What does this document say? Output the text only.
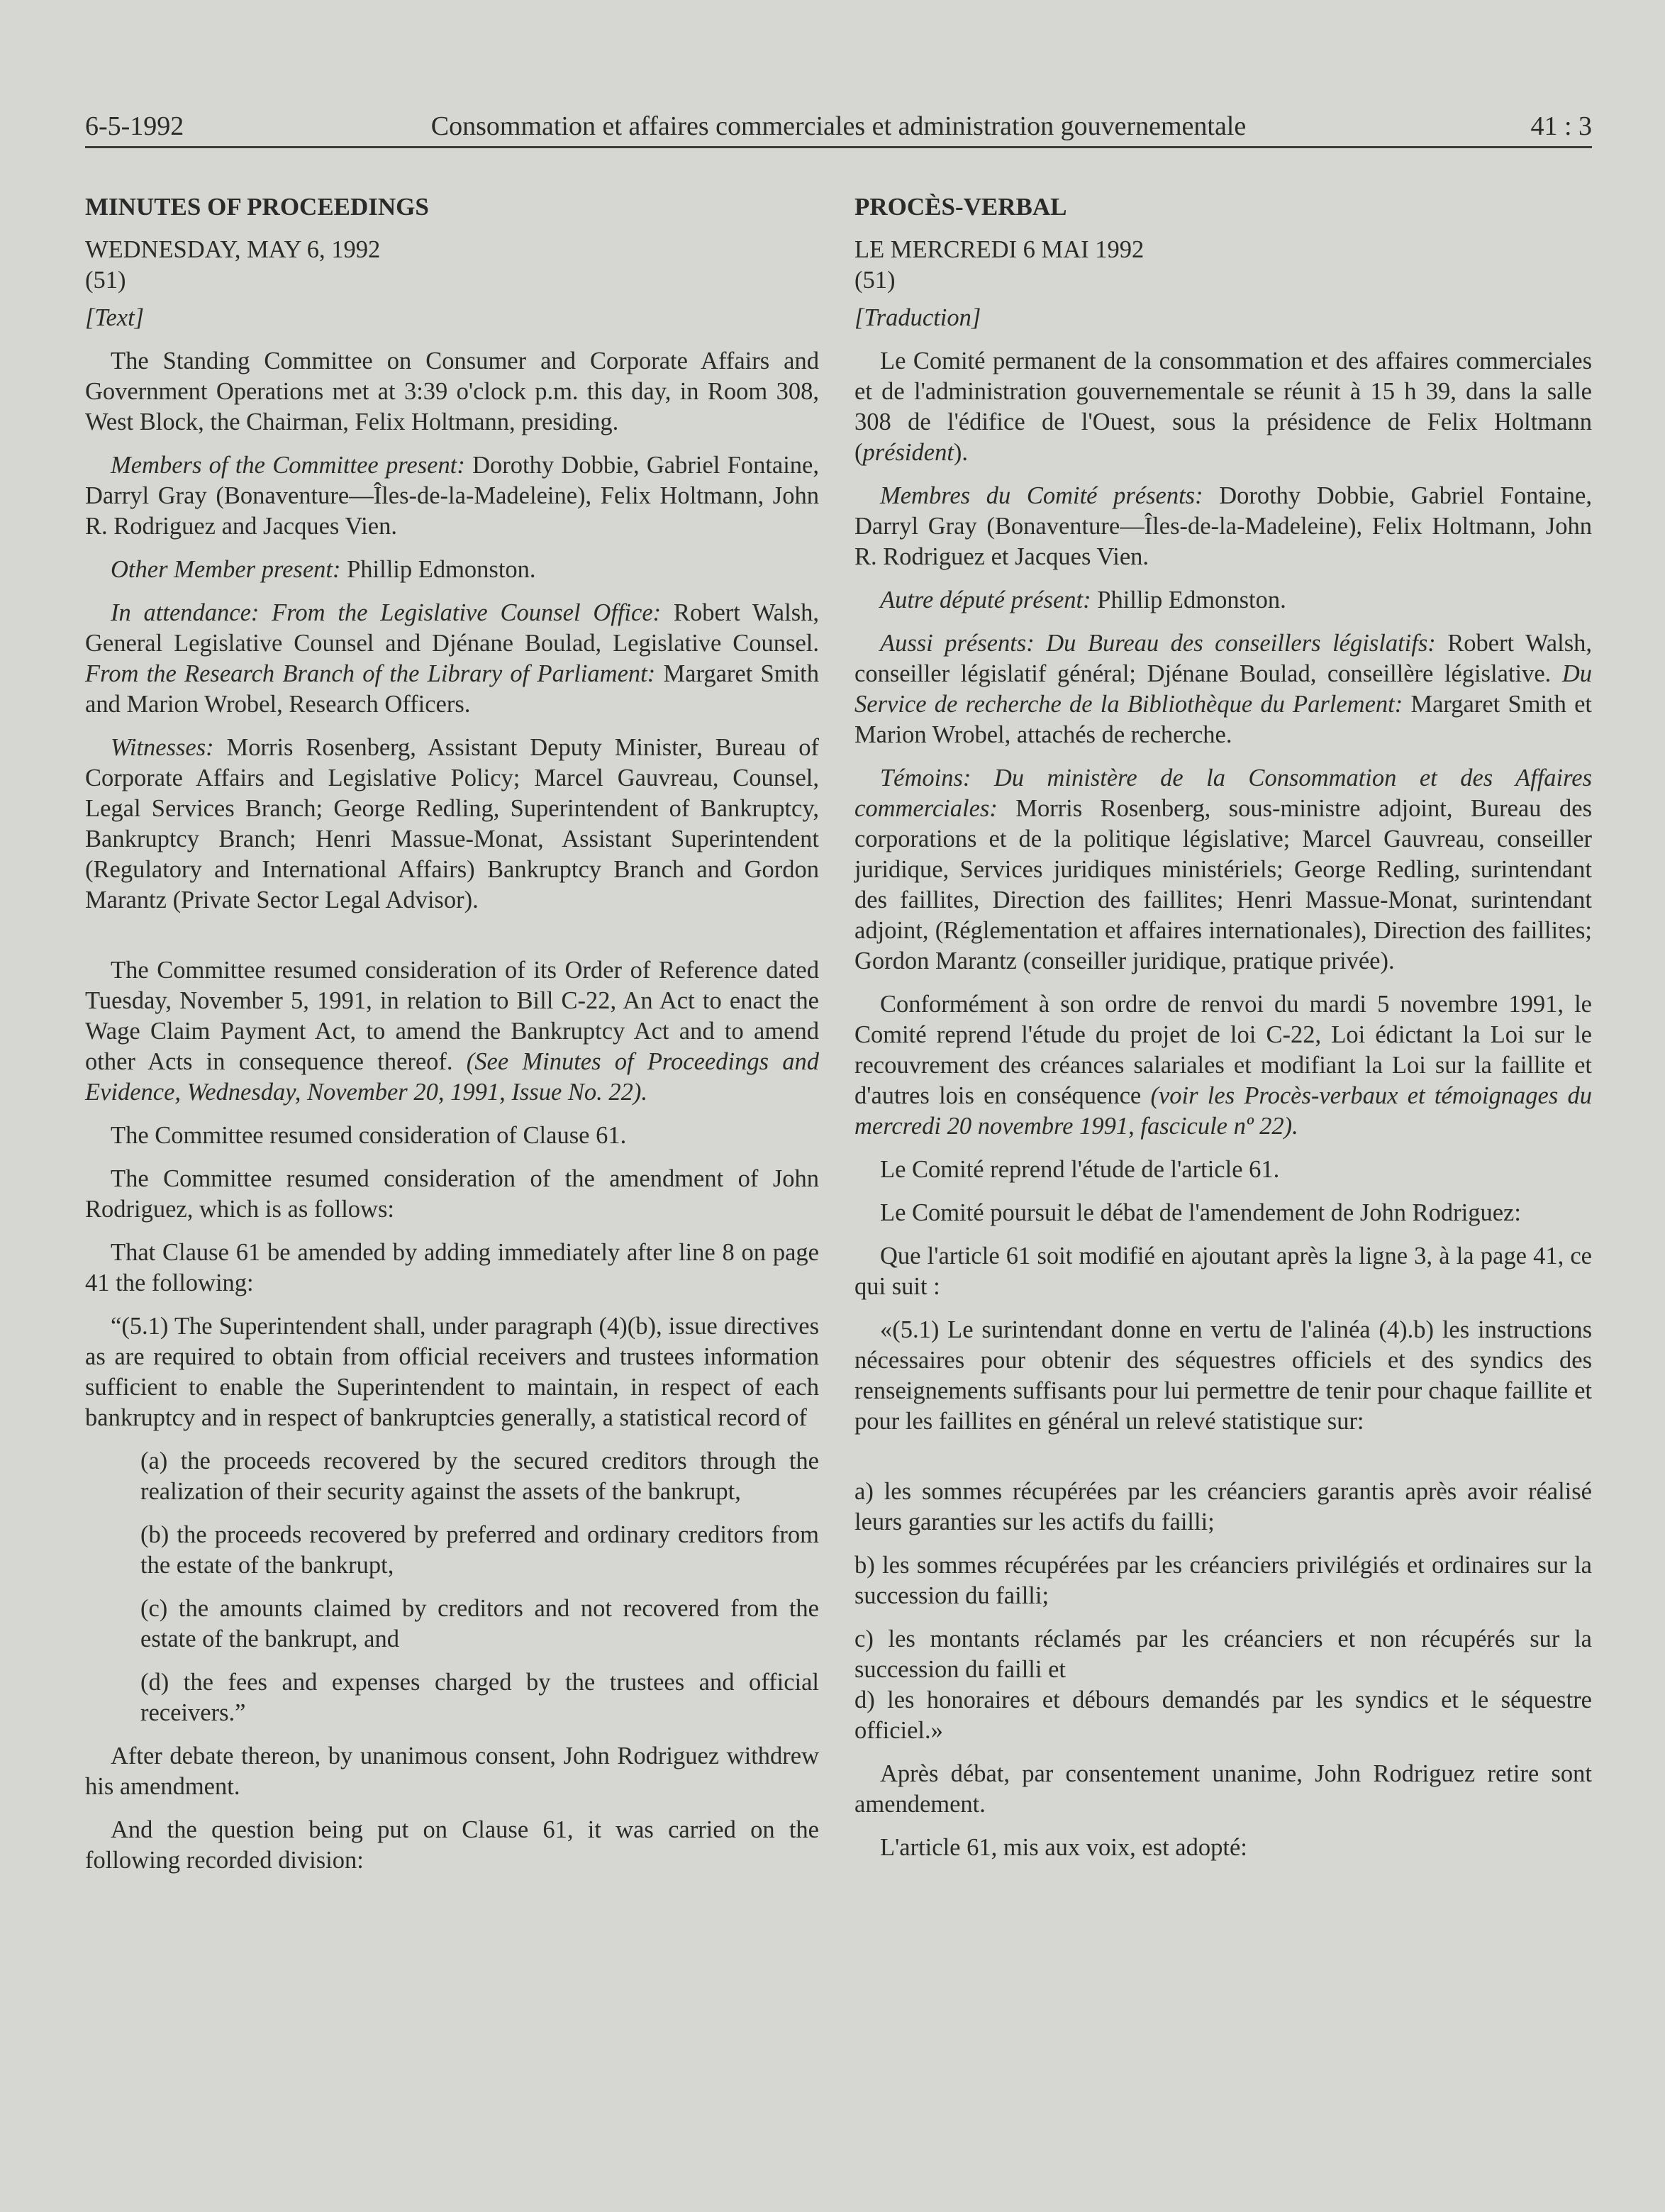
6-5-1992	Consommation et affaires commerciales et administration gouvernementale	41 : 3

MINUTES OF PROCEEDINGS

WEDNESDAY, MAY 6, 1992

(51)

[Text]

The Standing Committee on Consumer and Corporate Affairs and Government Operations met at 3:39 o'clock p.m. this day, in Room 308, West Block, the Chairman, Felix Holtmann, presiding.

Members of the Committee present: Dorothy Dobbie, Gabriel Fontaine, Darryl Gray (Bonaventure—Îles-de-la-Madeleine), Felix Holtmann, John R. Rodriguez and Jacques Vien.

Other Member present: Phillip Edmonston.

In attendance: From the Legislative Counsel Office: Robert Walsh, General Legislative Counsel and Djénane Boulad, Legislative Counsel. From the Research Branch of the Library of Parliament: Margaret Smith and Marion Wrobel, Research Officers.

Witnesses: Morris Rosenberg, Assistant Deputy Minister, Bureau of Corporate Affairs and Legislative Policy; Marcel Gauvreau, Counsel, Legal Services Branch; George Redling, Superintendent of Bankruptcy, Bankruptcy Branch; Henri Massue-Monat, Assistant Superintendent (Regulatory and International Affairs) Bankruptcy Branch and Gordon Marantz (Private Sector Legal Advisor).

The Committee resumed consideration of its Order of Reference dated Tuesday, November 5, 1991, in relation to Bill C-22, An Act to enact the Wage Claim Payment Act, to amend the Bankruptcy Act and to amend other Acts in consequence thereof. (See Minutes of Proceedings and Evidence, Wednesday, November 20, 1991, Issue No. 22).

The Committee resumed consideration of Clause 61.

The Committee resumed consideration of the amendment of John Rodriguez, which is as follows:

That Clause 61 be amended by adding immediately after line 8 on page 41 the following:

“(5.1) The Superintendent shall, under paragraph (4)(b), issue directives as are required to obtain from official receivers and trustees information sufficient to enable the Superintendent to maintain, in respect of each bankruptcy and in respect of bankruptcies generally, a statistical record of

(a) the proceeds recovered by the secured creditors through the realization of their security against the assets of the bankrupt,

(b) the proceeds recovered by preferred and ordinary creditors from the estate of the bankrupt,

(c) the amounts claimed by creditors and not recovered from the estate of the bankrupt, and

(d) the fees and expenses charged by the trustees and official receivers.”

After debate thereon, by unanimous consent, John Rodriguez withdrew his amendment.

And the question being put on Clause 61, it was carried on the following recorded division:

PROCÈS-VERBAL

LE MERCREDI 6 MAI 1992

(51)

[Traduction]

Le Comité permanent de la consommation et des affaires commerciales et de l'administration gouvernementale se réunit à 15 h 39, dans la salle 308 de l'édifice de l'Ouest, sous la présidence de Felix Holtmann (président).

Membres du Comité présents: Dorothy Dobbie, Gabriel Fontaine, Darryl Gray (Bonaventure—Îles-de-la-Madeleine), Felix Holtmann, John R. Rodriguez et Jacques Vien.

Autre député présent: Phillip Edmonston.

Aussi présents: Du Bureau des conseillers législatifs: Robert Walsh, conseiller législatif général; Djénane Boulad, conseillère législative. Du Service de recherche de la Bibliothèque du Parlement: Margaret Smith et Marion Wrobel, attachés de recherche.

Témoins: Du ministère de la Consommation et des Affaires commerciales: Morris Rosenberg, sous-ministre adjoint, Bureau des corporations et de la politique législative; Marcel Gauvreau, conseiller juridique, Services juridiques ministériels; George Redling, surintendant des faillites, Direction des faillites; Henri Massue-Monat, surintendant adjoint, (Réglementation et affaires internationales), Direction des faillites; Gordon Marantz (conseiller juridique, pratique privée).

Conformément à son ordre de renvoi du mardi 5 novembre 1991, le Comité reprend l'étude du projet de loi C-22, Loi édictant la Loi sur le recouvrement des créances salariales et modifiant la Loi sur la faillite et d'autres lois en conséquence (voir les Procès-verbaux et témoignages du mercredi 20 novembre 1991, fascicule nº 22).

Le Comité reprend l'étude de l'article 61.

Le Comité poursuit le débat de l'amendement de John Rodriguez:

Que l'article 61 soit modifié en ajoutant après la ligne 3, à la page 41, ce qui suit :

«(5.1) Le surintendant donne en vertu de l'alinéa (4).b) les instructions nécessaires pour obtenir des séquestres officiels et des syndics des renseignements suffisants pour lui permettre de tenir pour chaque faillite et pour les faillites en général un relevé statistique sur:

a) les sommes récupérées par les créanciers garantis après avoir réalisé leurs garanties sur les actifs du failli;

b) les sommes récupérées par les créanciers privilégiés et ordinaires sur la succession du failli;

c) les montants réclamés par les créanciers et non récupérés sur la succession du failli et

d) les honoraires et débours demandés par les syndics et le séquestre officiel.»

Après débat, par consentement unanime, John Rodriguez retire sont amendement.

L'article 61, mis aux voix, est adopté:
